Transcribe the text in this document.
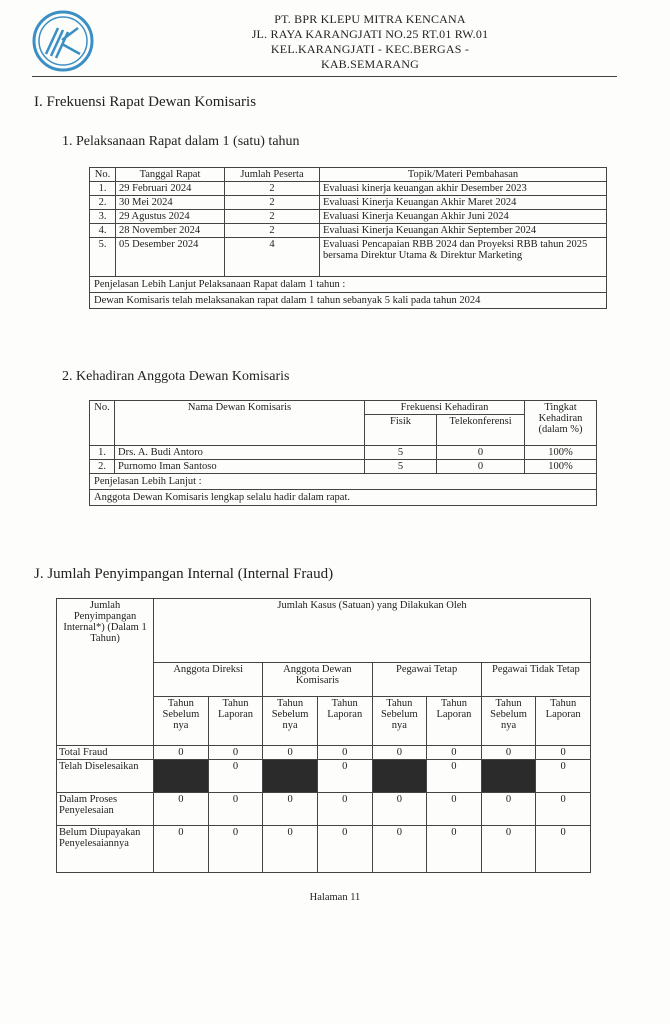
PT. BPR KLEPU MITRA KENCANA
JL. RAYA KARANGJATI NO.25 RT.01 RW.01
KEL.KARANGJATI - KEC.BERGAS -
KAB.SEMARANG
I. Frekuensi Rapat Dewan Komisaris
1. Pelaksanaan Rapat dalam 1 (satu) tahun
No.	Tanggal Rapat	Jumlah Peserta	Topik/Materi Pembahasan
1.	29 Februari 2024	2	Evaluasi kinerja keuangan akhir Desember 2023
2.	30 Mei 2024	2	Evaluasi Kinerja Keuangan Akhir Maret 2024
3.	29 Agustus 2024	2	Evaluasi Kinerja Keuangan Akhir Juni 2024
4.	28 November 2024	2	Evaluasi Kinerja Keuangan Akhir September 2024
5.	05 Desember 2024	4	Evaluasi Pencapaian RBB 2024 dan Proyeksi RBB tahun 2025 bersama Direktur Utama & Direktur Marketing
Penjelasan Lebih Lanjut Pelaksanaan Rapat dalam 1 tahun :			
Dewan Komisaris telah melaksanakan rapat dalam 1 tahun sebanyak 5 kali pada tahun 2024			
2. Kehadiran Anggota Dewan Komisaris
No.	Nama Dewan Komisaris	Frekuensi Kehadiran		Tingkat
Kehadiran (dalam %)

		Fisik	Telekonferensi	
1.	Drs. A. Budi Antoro	5	0	100%
2.	Purnomo Iman Santoso	5	0	100%
Penjelasan Lebih Lanjut :				
Anggota Dewan Komisaris lengkap selalu hadir dalam rapat.				
J. Jumlah Penyimpangan Internal (Internal Fraud)
Jumlah Penyimpangan Internal*) (Dalam 1 Tahun)	Jumlah Kasus (Satuan) yang Dilakukan Oleh							
	Anggota Direksi		Anggota Dewan Komisaris		Pegawai Tetap		Pegawai Tidak Tetap	
	Tahun Sebelum nya	Tahun Laporan	Tahun Sebelum nya	Tahun Laporan	Tahun Sebelum nya	Tahun Laporan	Tahun Sebelum nya	Tahun Laporan
Total Fraud	0	0	0	0	0	0	0	0
Telah Diselesaikan		0		0		0		0
Dalam Proses Penyelesaian	0	0	0	0	0	0	0	0
Belum Diupayakan Penyelesaiannya	0	0	0	0	0	0	0	0
Halaman 11
